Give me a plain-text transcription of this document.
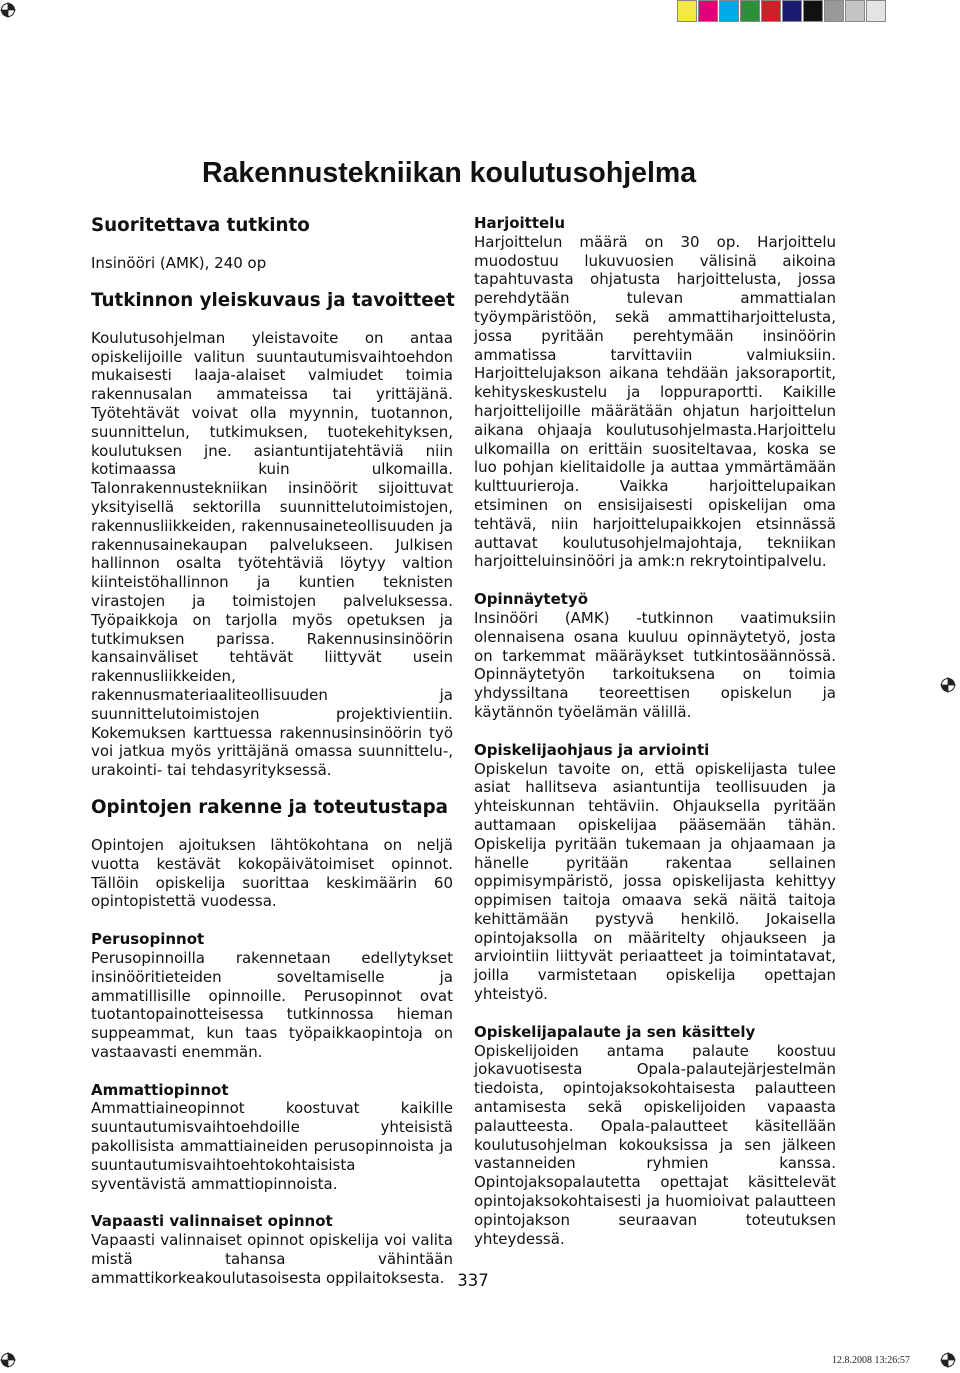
Rakennustekniikan koulutusohjelma
Suoritettava tutkinto

Insinööri (AMK), 240 op

Tutkinnon yleiskuvaus ja tavoitteet

Koulutusohjelman yleistavoite on antaa opiskelijoille valitun suuntautumisvaihtoehdon mukaisesti laaja-alaiset valmiudet toimia rakennusalan ammateissa tai yrittäjänä. Työtehtävät voivat olla myynnin, tuotannon, suunnittelun, tutkimuksen, tuotekehityksen, koulutuksen jne. asiantuntijatehtäviä niin kotimaassa kuin ulkomailla. Talonrakennustekniikan insinöörit sijoittuvat yksityisellä sektorilla suunnittelutoimistojen, rakennusliikkeiden, rakennusaineteollisuuden ja rakennusainekaupan palvelukseen. Julkisen hallinnon osalta työtehtäviä löytyy valtion kiinteistöhallinnon ja kuntien teknisten virastojen ja toimistojen palveluksessa. Työpaikkoja on tarjolla myös opetuksen ja tutkimuksen parissa. Rakennusinsinöörin kansainväliset tehtävät liittyvät usein rakennusliikkeiden, rakennusmateriaaliteollisuuden ja suunnittelutoimistojen projektivientiin. Kokemuksen karttuessa rakennusinsinöörin työ voi jatkua myös yrittäjänä omassa suunnittelu-, urakointi- tai tehdasyrityksessä.

Opintojen rakenne ja toteutustapa

Opintojen ajoituksen lähtökohtana on neljä vuotta kestävät kokopäivätoimiset opinnot. Tällöin opiskelija suorittaa keskimäärin 60 opintopistettä vuodessa.

Perusopinnot

Perusopinnoilla rakennetaan edellytykset insinööritieteiden soveltamiselle ja ammatillisille opinnoille. Perusopinnot ovat tuotantopainotteisessa tutkinnossa hieman suppeammat, kun taas työpaikkaopintoja on vastaavasti enemmän.

Ammattiopinnot

Ammattiaineopinnot koostuvat kaikille suuntautumisvaihtoehdoille yhteisistä pakollisista ammattiaineiden perusopinnoista ja suuntautumisvaihtoehtokohtaisista syventävistä ammattiopinnoista.

Vapaasti valinnaiset opinnot

Vapaasti valinnaiset opinnot opiskelija voi valita mistä tahansa vähintään ammattikorkeakoulutasoisesta oppilaitoksesta.

Harjoittelu

Harjoittelun määrä on 30 op. Harjoittelu muodostuu lukuvuosien välisinä aikoina tapahtuvasta ohjatusta harjoittelusta, jossa perehdytään tulevan ammattialan työympäristöön, sekä ammattiharjoittelusta, jossa pyritään perehtymään insinöörin ammatissa tarvittaviin valmiuksiin. Harjoittelujakson aikana tehdään jaksoraportit, kehityskeskustelu ja loppuraportti. Kaikille harjoittelijoille määrätään ohjatun harjoittelun aikana ohjaaja koulutusohjelmasta.Harjoittelu ulkomailla on erittäin suositeltavaa, koska se luo pohjan kielitaidolle ja auttaa ymmärtämään kulttuurieroja. Vaikka harjoittelupaikan etsiminen on ensisijaisesti opiskelijan oma tehtävä, niin harjoittelupaikkojen etsinnässä auttavat koulutusohjelmajohtaja, tekniikan harjoitteluinsinööri ja amk:n rekrytointipalvelu.

Opinnäytetyö

Insinööri (AMK) -tutkinnon vaatimuksiin olennaisena osana kuuluu opinnäytetyö, josta on tarkemmat määräykset tutkintosäännössä. Opinnäytetyön tarkoituksena on toimia yhdyssiltana teoreettisen opiskelun ja käytännön työelämän välillä.

Opiskelijaohjaus ja arviointi

Opiskelun tavoite on, että opiskelijasta tulee asiat hallitseva asiantuntija teollisuuden ja yhteiskunnan tehtäviin. Ohjauksella pyritään auttamaan opiskelijaa pääsemään tähän. Opiskelija pyritään tukemaan ja ohjaamaan ja hänelle pyritään rakentaa sellainen oppimisympäristö, jossa opiskelijasta kehittyy oppimisen taitoja omaava sekä näitä taitoja kehittämään pystyvä henkilö. Jokaisella opintojaksolla on määritelty ohjaukseen ja arviointiin liittyvät periaatteet ja toimintatavat, joilla varmistetaan opiskelija opettajan yhteistyö.

Opiskelijapalaute ja sen käsittely

Opiskelijoiden antama palaute koostuu jokavuotisesta Opala-palautejärjestelmän tiedoista, opintojaksokohtaisesta palautteen antamisesta sekä opiskelijoiden vapaasta palautteesta. Opala-palautteet käsitellään koulutusohjelman kokouksissa ja sen jälkeen vastanneiden ryhmien kanssa. Opintojaksopalautetta opettajat käsittelevät opintojaksokohtaisesti ja huomioivat palautteen opintojakson seuraavan toteutuksen yhteydessä.

337

12.8.2008 13:26:57
